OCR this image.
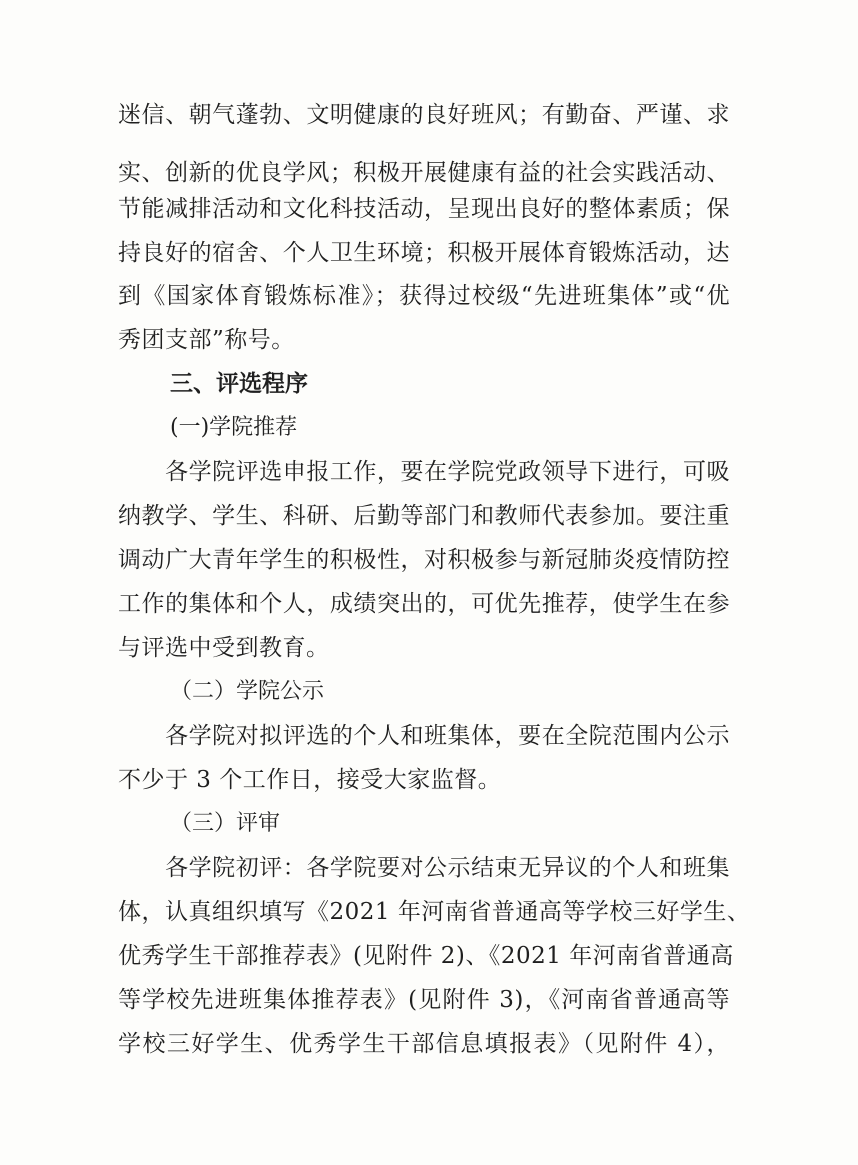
迷信、朝气蓬勃、文明健康的良好班风；有勤奋、严谨、求
实、创新的优良学风；积极开展健康有益的社会实践活动、
节能减排活动和文化科技活动，呈现出良好的整体素质；保
持良好的宿舍、个人卫生环境；积极开展体育锻炼活动，达
到《国家体育锻炼标准》；获得过校级“先进班集体”或“优
秀团支部”称号。
三、评选程序
(一)学院推荐
　　各学院评选申报工作，要在学院党政领导下进行，可吸
纳教学、学生、科研、后勤等部门和教师代表参加。要注重
调动广大青年学生的积极性，对积极参与新冠肺炎疫情防控
工作的集体和个人，成绩突出的，可优先推荐，使学生在参
与评选中受到教育。
（二）学院公示
　　各学院对拟评选的个人和班集体，要在全院范围内公示
不少于 3 个工作日，接受大家监督。
（三）评审
　　各学院初评：各学院要对公示结束无异议的个人和班集
体，认真组织填写《2021 年河南省普通高等学校三好学生、
优秀学生干部推荐表》(见附件 2)、《2021 年河南省普通高
等学校先进班集体推荐表》(见附件 3)，《河南省普通高等
学校三好学生、优秀学生干部信息填报表》（见附件 4），
